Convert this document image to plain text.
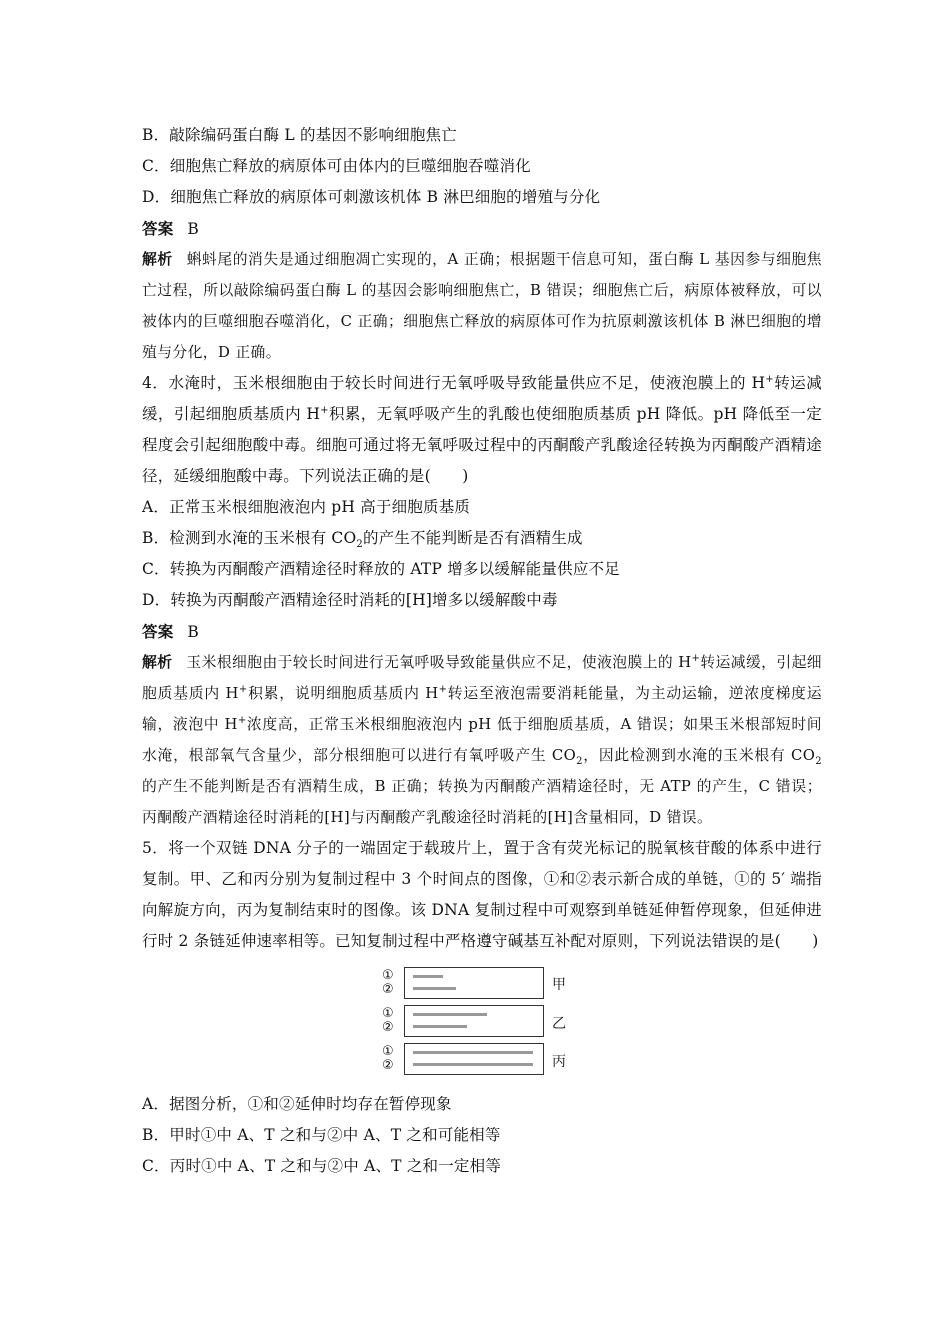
B．敲除编码蛋白酶 L 的基因不影响细胞焦亡
C．细胞焦亡释放的病原体可由体内的巨噬细胞吞噬消化
D．细胞焦亡释放的病原体可刺激该机体 B 淋巴细胞的增殖与分化
答案 B
解析 蝌蚪尾的消失是通过细胞凋亡实现的，A 正确；根据题干信息可知，蛋白酶 L 基因参与细胞焦亡过程，所以敲除编码蛋白酶 L 的基因会影响细胞焦亡，B 错误；细胞焦亡后，病原体被释放，可以被体内的巨噬细胞吞噬消化，C 正确；细胞焦亡释放的病原体可作为抗原刺激该机体 B 淋巴细胞的增殖与分化，D 正确。
4．水淹时，玉米根细胞由于较长时间进行无氧呼吸导致能量供应不足，使液泡膜上的 H+转运减缓，引起细胞质基质内 H+积累，无氧呼吸产生的乳酸也使细胞质基质 pH 降低。pH 降低至一定程度会引起细胞酸中毒。细胞可通过将无氧呼吸过程中的丙酮酸产乳酸途径转换为丙酮酸产酒精途径，延缓细胞酸中毒。下列说法正确的是(　　)
A．正常玉米根细胞液泡内 pH 高于细胞质基质
B．检测到水淹的玉米根有 $CO_2$的产生不能判断是否有酒精生成
C．转换为丙酮酸产酒精途径时释放的 ATP 增多以缓解能量供应不足
D．转换为丙酮酸产酒精途径时消耗的[H]增多以缓解酸中毒
答案 B
解析 玉米根细胞由于较长时间进行无氧呼吸导致能量供应不足，使液泡膜上的 H+转运减缓，引起细胞质基质内 H+积累，说明细胞质基质内 H+转运至液泡需要消耗能量，为主动运输，逆浓度梯度运输，液泡中 H+浓度高，正常玉米根细胞液泡内 pH 低于细胞质基质，A 错误；如果玉米根部短时间水淹，根部氧气含量少，部分根细胞可以进行有氧呼吸产生 $CO_2$，因此检测到水淹的玉米根有 $CO_2$的产生不能判断是否有酒精生成，B 正确；转换为丙酮酸产酒精途径时，无 ATP 的产生，C 错误；丙酮酸产酒精途径时消耗的[H]与丙酮酸产乳酸途径时消耗的[H]含量相同，D 错误。
5．将一个双链 DNA 分子的一端固定于载玻片上，置于含有荧光标记的脱氧核苷酸的体系中进行复制。甲、乙和丙分别为复制过程中 3 个时间点的图像，①和②表示新合成的单链，①的 5′ 端指向解旋方向，丙为复制结束时的图像。该 DNA 复制过程中可观察到单链延伸暂停现象，但延伸进行时 2 条链延伸速率相等。已知复制过程中严格遵守碱基互补配对原则，下列说法错误的是(　　)
①
②	甲
①
②	乙
①
②	丙
A．据图分析，①和②延伸时均存在暂停现象
B．甲时①中 A、T 之和与②中 A、T 之和可能相等
C．丙时①中 A、T 之和与②中 A、T 之和一定相等
